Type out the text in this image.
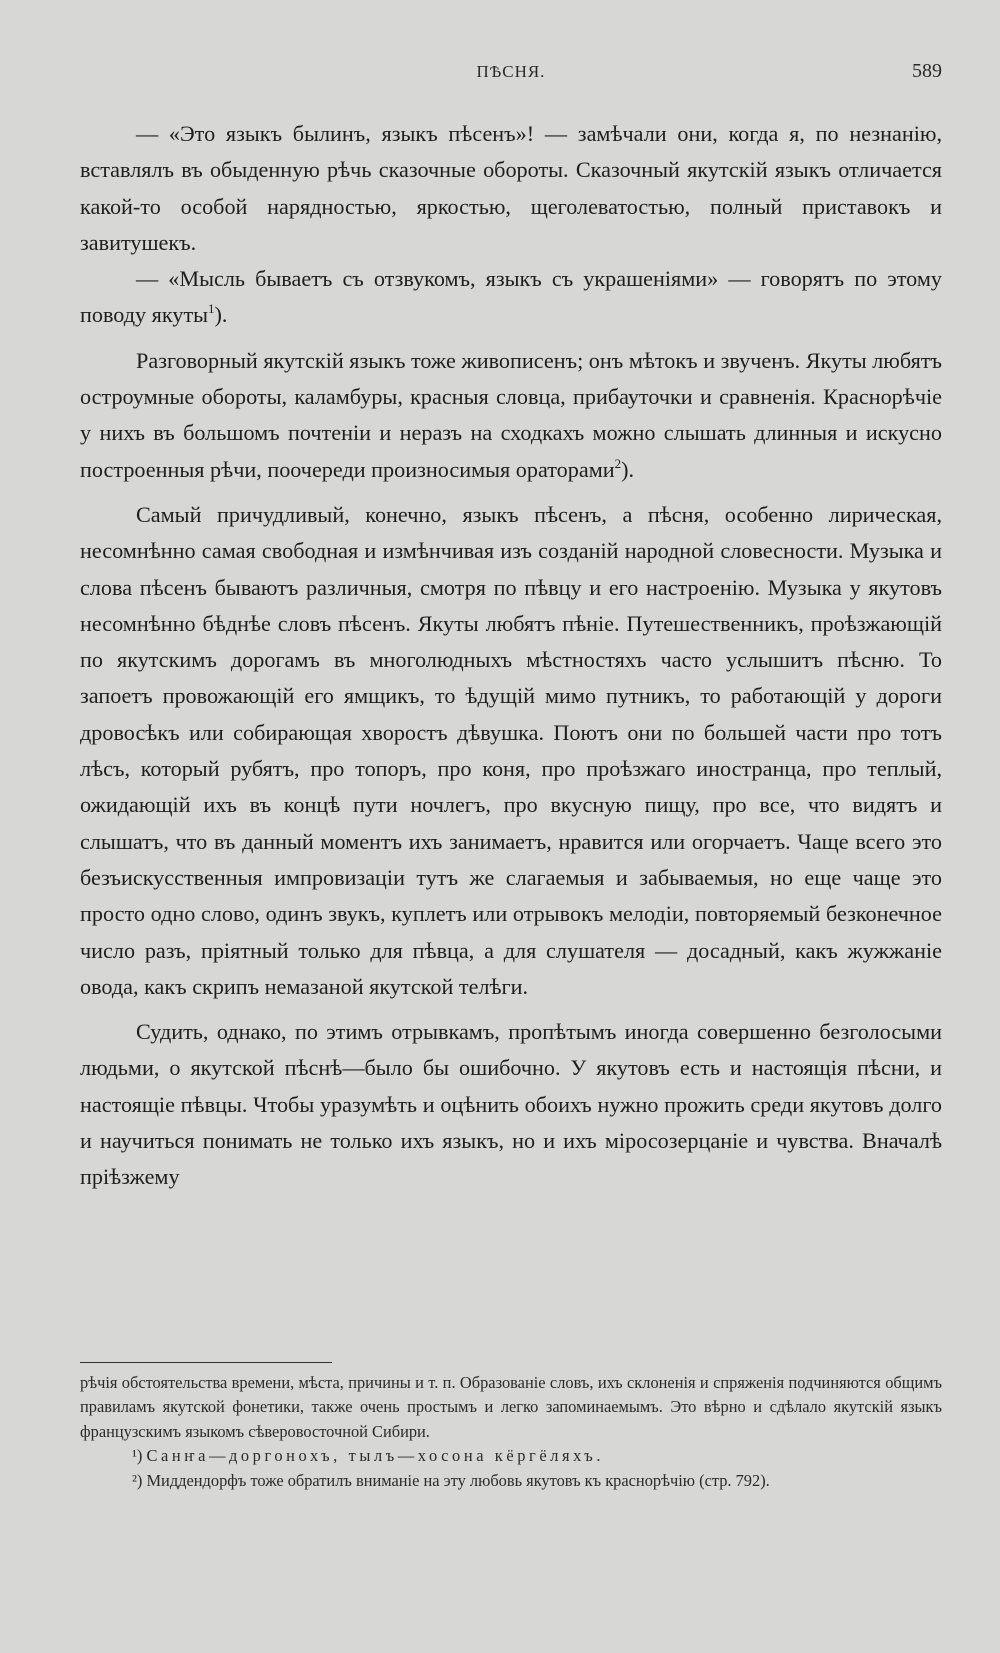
ПѢСНЯ.	589

— «Это языкъ былинъ, языкъ пѣсенъ»! — замѣчали они, когда я, по незнанію, вставлялъ въ обыденную рѣчь сказочные обороты. Сказочный якутскій языкъ отличается какой-то особой нарядностью, яркостью, щеголеватостью, полный приставокъ и завитушекъ.

— «Мысль бываетъ съ отзвукомъ, языкъ съ украшеніями» — говорятъ по этому поводу якуты$^1$).

Разговорный якутскій языкъ тоже живописенъ; онъ мѣтокъ и звученъ. Якуты любятъ остроумные обороты, каламбуры, красныя словца, прибауточки и сравненія. Краснорѣчіе у нихъ въ большомъ почтеніи и неразъ на сходкахъ можно слышать длинныя и искусно построенныя рѣчи, поочереди произносимыя ораторами$^2$).

Самый причудливый, конечно, языкъ пѣсенъ, а пѣсня, особенно лирическая, несомнѣнно самая свободная и измѣнчивая изъ созданій народной словесности. Музыка и слова пѣсенъ бываютъ различныя, смотря по пѣвцу и его настроенію. Музыка у якутовъ несомнѣнно бѣднѣе словъ пѣсенъ. Якуты любятъ пѣніе. Путешественникъ, проѣзжающій по якутскимъ дорогамъ въ многолюдныхъ мѣстностяхъ часто услышитъ пѣсню. То запоетъ провожающій его ямщикъ, то ѣдущій мимо путникъ, то работающій у дороги дровосѣкъ или собирающая хворостъ дѣвушка. Поютъ они по большей части про тотъ лѣсъ, который рубятъ, про топоръ, про коня, про проѣзжаго иностранца, про теплый, ожидающій ихъ въ концѣ пути ночлегъ, про вкусную пищу, про все, что видятъ и слышатъ, что въ данный моментъ ихъ занимаетъ, нравится или огорчаетъ. Чаще всего это безъискусственныя импровизаціи тутъ же слагаемыя и забываемыя, но еще чаще это просто одно слово, одинъ звукъ, куплетъ или отрывокъ мелодіи, повторяемый безконечное число разъ, пріятный только для пѣвца, а для слушателя — досадный, какъ жужжаніе овода, какъ скрипъ немазаной якутской телѣги.

Судить, однако, по этимъ отрывкамъ, пропѣтымъ иногда совершенно безголосыми людьми, о якутской пѣснѣ—было бы ошибочно. У якутовъ есть и настоящія пѣсни, и настоящіе пѣвцы. Чтобы уразумѣть и оцѣнить обоихъ нужно прожить среди якутовъ долго и научиться понимать не только ихъ языкъ, но и ихъ міросозерцаніе и чувства. Вначалѣ пріѣзжему

рѣчія обстоятельства времени, мѣста, причины и т. п. Образованіе словъ, ихъ склоненія и спряженія подчиняются общимъ правиламъ якутской фонетики, также очень простымъ и легко запоминаемымъ. Это вѣрно и сдѣлало якутскій языкъ французскимъ языкомъ сѣверовосточной Сибири.

¹) Санҥа—доргонохъ, тылъ—хосона кёргёляхъ.

²) Миддендорфъ тоже обратилъ вниманіе на эту любовь якутовъ къ краснорѣчію (стр. 792).
